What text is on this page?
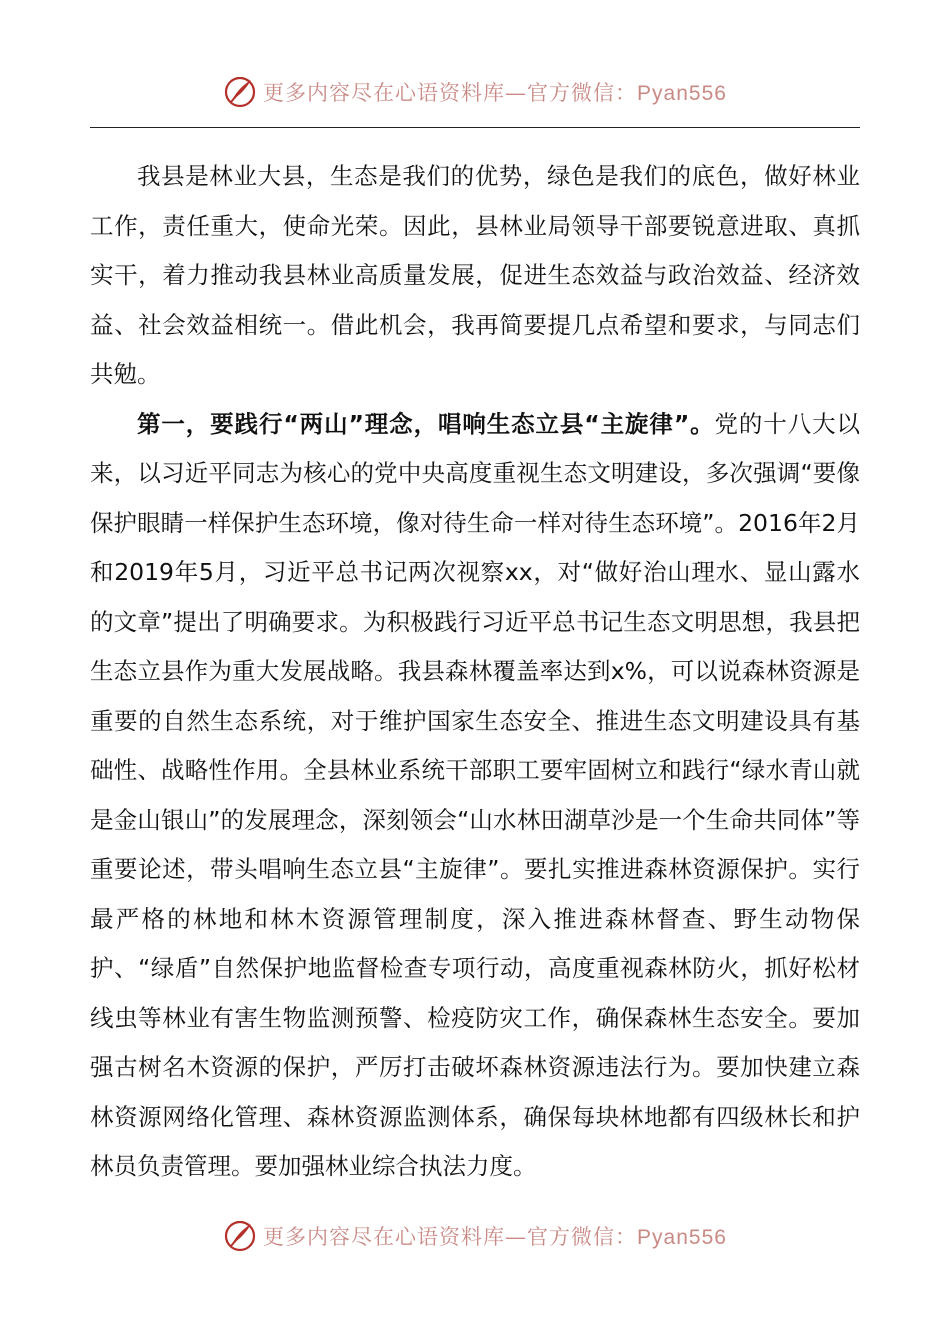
更多内容尽在心语资料库—官方微信：Pyan556

我县是林业大县，生态是我们的优势，绿色是我们的底色，做好林业工作，责任重大，使命光荣。因此，县林业局领导干部要锐意进取、真抓实干，着力推动我县林业高质量发展，促进生态效益与政治效益、经济效益、社会效益相统一。借此机会，我再简要提几点希望和要求，与同志们共勉。

第一，要践行“两山”理念，唱响生态立县“主旋律”。党的十八大以来，以习近平同志为核心的党中央高度重视生态文明建设，多次强调“要像保护眼睛一样保护生态环境，像对待生命一样对待生态环境”。2016年2月和2019年5月，习近平总书记两次视察xx，对“做好治山理水、显山露水的文章”提出了明确要求。为积极践行习近平总书记生态文明思想，我县把生态立县作为重大发展战略。我县森林覆盖率达到x%，可以说森林资源是重要的自然生态系统，对于维护国家生态安全、推进生态文明建设具有基础性、战略性作用。全县林业系统干部职工要牢固树立和践行“绿水青山就是金山银山”的发展理念，深刻领会“山水林田湖草沙是一个生命共同体”等重要论述，带头唱响生态立县“主旋律”。要扎实推进森林资源保护。实行最严格的林地和林木资源管理制度，深入推进森林督查、野生动物保护、“绿盾”自然保护地监督检查专项行动，高度重视森林防火，抓好松材线虫等林业有害生物监测预警、检疫防灾工作，确保森林生态安全。要加强古树名木资源的保护，严厉打击破坏森林资源违法行为。要加快建立森林资源网络化管理、森林资源监测体系，确保每块林地都有四级林长和护林员负责管理。要加强林业综合执法力度。

更多内容尽在心语资料库—官方微信：Pyan556
